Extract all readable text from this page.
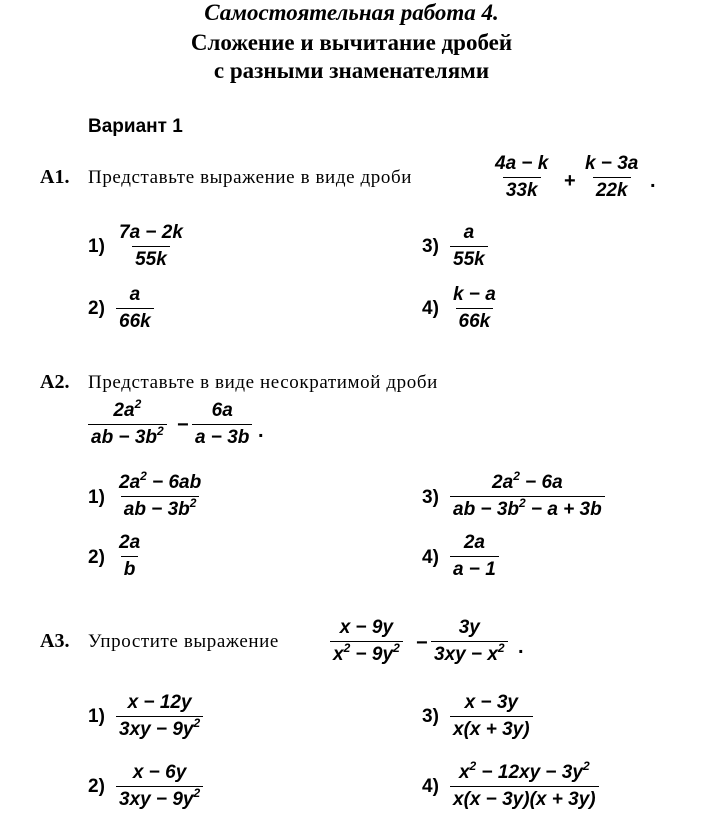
Самостоятельная работа 4.
Сложение и вычитание дробей
с разными знаменателями
Вариант 1
A1. Представьте выражение в виде дроби	$\frac{4a - k}{33k} + \frac{k - 3a}{22k}$ .
$1) \frac{7a - 2k}{55k}$
$2) \frac{a}{66k}$
$3) \frac{a}{55k}$
$4) \frac{k - a}{66k}$
A2. Представьте в виде несократимой дроби
$\frac{2a^2}{ab - 3b^2} - \frac{6a}{a - 3b}$ .
$1) \frac{2a^2 - 6ab}{ab - 3b^2}$
$2) \frac{2a}{b}$
$3) \frac{2a^2 - 6a}{ab - 3b^2 - a + 3b}$
$4) \frac{2a}{a - 1}$
A3. Упростите выражение	$\frac{x - 9y}{x^2 - 9y^2} - \frac{3y}{3xy - x^2}$ .
$1) \frac{x - 12y}{3xy - 9y^2}$
$2) \frac{x - 6y}{3xy - 9y^2}$
$3) \frac{x - 3y}{x(x + 3y)}$
$4) \frac{x^2 - 12xy - 3y^2}{x(x - 3y)(x + 3y)}$
